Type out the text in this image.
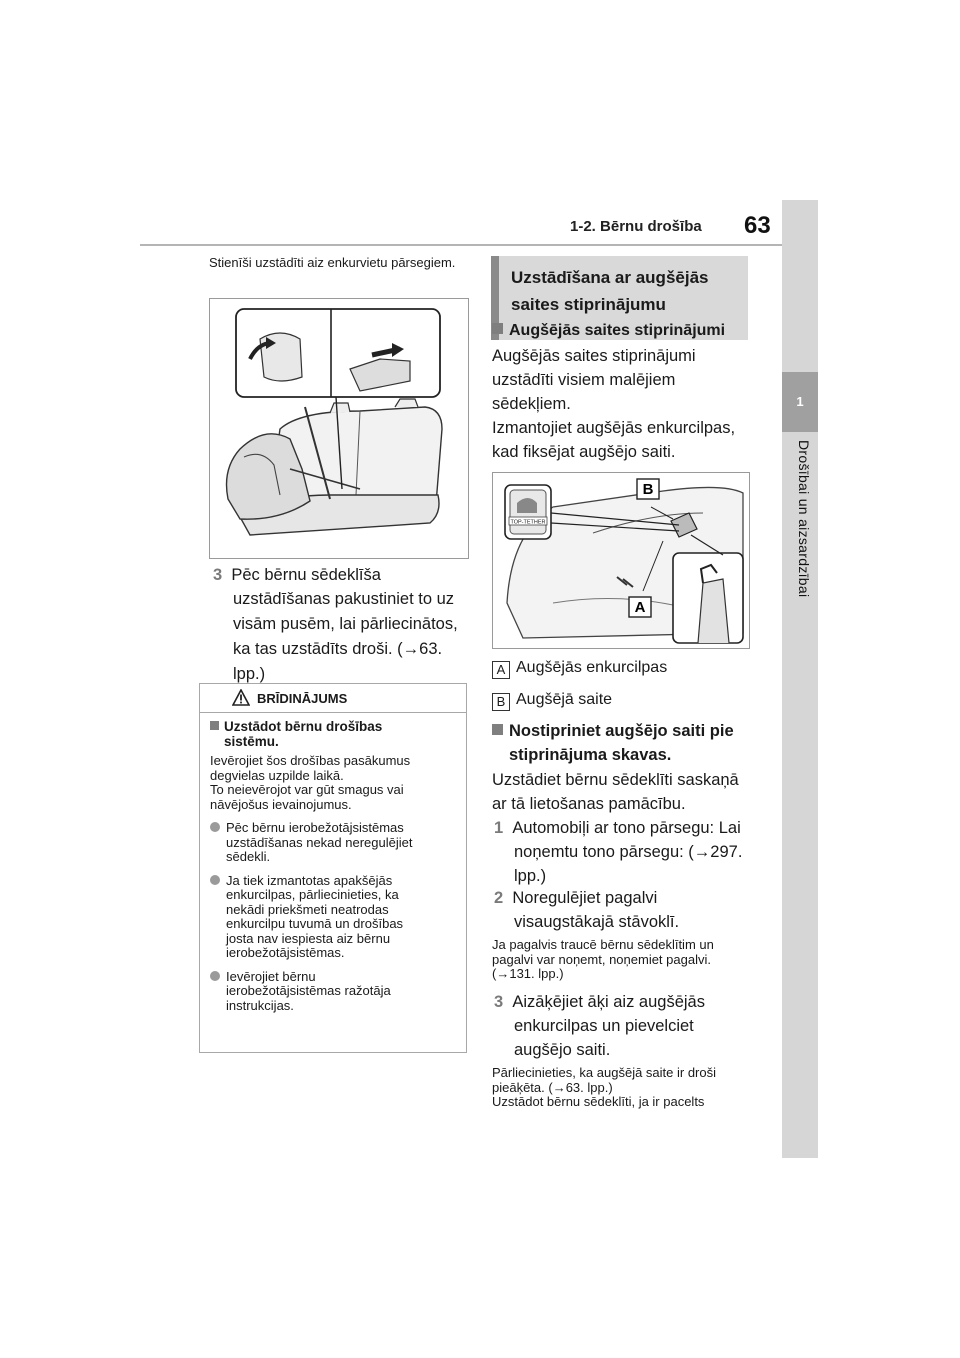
1-2. Bērnu drošība 63
1
Drošībai un aizsardzībai
Stienīši uzstādīti aiz enkurvietu pārsegiem.
3 Pēc bērnu sēdeklīša
uzstādīšanas pakustiniet to uz
visām pusēm, lai pārliecinātos,
ka tas uzstādīts droši. (→63.
lpp.)
BRĪDINĀJUMS
Uzstādot bērnu drošības
sistēmu.
Ievērojiet šos drošības pasākumus
degvielas uzpilde laikā.
To neievērojot var gūt smagus vai
nāvējošus ievainojumus.
Pēc bērnu ierobežotājsistēmas
uzstādīšanas nekad neregulējiet
sēdekli.
Ja tiek izmantotas apakšējās
enkurcilpas, pārliecinieties, ka
nekādi priekšmeti neatrodas
enkurcilpu tuvumā un drošības
josta nav iespiesta aiz bērnu
ierobežotājsistēmas.
Ievērojiet bērnu
ierobežotājsistēmas ražotāja
instrukcijas.
Uzstādīšana ar augšējās
saites stiprinājumu
Augšējās saites stiprinājumi
Augšējās saites stiprinājumi
uzstādīti visiem malējiem
sēdekļiem.
Izmantojiet augšējās enkurcilpas,
kad fiksējat augšējo saiti.
TOP-TETHER
B
A
A Augšējās enkurcilpas
B Augšējā saite
Nostipriniet augšējo saiti pie
stiprinājuma skavas.
Uzstādiet bērnu sēdeklīti saskaņā
ar tā lietošanas pamācību.
1 Automobiļi ar tono pārsegu: Lai
noņemtu tono pārsegu: (→297.
lpp.)
2 Noregulējiet pagalvi
visaugstākajā stāvoklī.
Ja pagalvis traucē bērnu sēdeklītim un
pagalvi var noņemt, noņemiet pagalvi.
(→131. lpp.)
3 Aizāķējiet āķi aiz augšējās
enkurcilpas un pievelciet
augšējo saiti.
Pārliecinieties, ka augšējā saite ir droši
pieāķēta. (→63. lpp.)
Uzstādot bērnu sēdeklīti, ja ir pacelts
